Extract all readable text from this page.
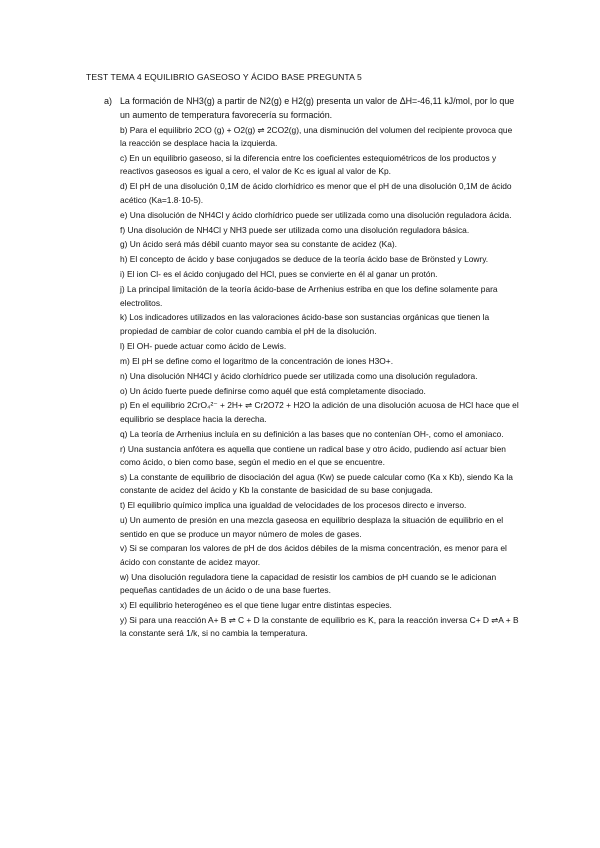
TEST TEMA 4 EQUILIBRIO GASEOSO Y ÁCIDO BASE PREGUNTA 5
a) La formación de NH3(g) a partir de N2(g) e H2(g) presenta un valor de ΔH=-46,11 kJ/mol, por lo que un aumento de temperatura favorecería su formación.
b) Para el equilibrio 2CO (g) + O2(g) ⇌ 2CO2(g), una disminución del volumen del recipiente provoca que la reacción se desplace hacia la izquierda.
c) En un equilibrio gaseoso, si la diferencia entre los coeficientes estequiométricos de los productos y reactivos gaseosos es igual a cero, el valor de Kc es igual al valor de Kp.
d) El pH de una disolución 0,1M de ácido clorhídrico es menor que el pH de una disolución 0,1M de ácido acético (Ka=1.8·10-5).
e) Una disolución de NH4Cl y ácido clorhídrico puede ser utilizada como una disolución reguladora ácida.
f) Una disolución de NH4Cl y NH3 puede ser utilizada como una disolución reguladora básica.
g) Un ácido será más débil cuanto mayor sea su constante de acidez (Ka).
h) El concepto de ácido y base conjugados se deduce de la teoría ácido base de Brönsted y Lowry.
i) El ion Cl- es el ácido conjugado del HCl, pues se convierte en él al ganar un protón.
j) La principal limitación de la teoría ácido-base de Arrhenius estriba en que los define solamente para electrolitos.
k) Los indicadores utilizados en las valoraciones ácido-base son sustancias orgánicas que tienen la propiedad de cambiar de color cuando cambia el pH de la disolución.
l) El OH- puede actuar como ácido de Lewis.
m) El pH se define como el logaritmo de la concentración de iones H3O+.
n) Una disolución NH4Cl y ácido clorhídrico puede ser utilizada como una disolución reguladora.
o) Un ácido fuerte puede definirse como aquél que está completamente disociado.
p) En el equilibrio 2CrO₄²⁻ + 2H+ ⇌ Cr2O72 + H2O la adición de una disolución acuosa de HCl hace que el equilibrio se desplace hacia la derecha.
q) La teoría de Arrhenius incluía en su definición a las bases que no contenían OH-, como el amoniaco.
r) Una sustancia anfótera es aquella que contiene un radical base y otro ácido, pudiendo así actuar bien como ácido, o bien como base, según el medio en el que se encuentre.
s) La constante de equilibrio de disociación del agua (Kw) se puede calcular como (Ka x Kb), siendo Ka la constante de acidez del ácido y Kb la constante de basicidad de su base conjugada.
t) El equilibrio químico implica una igualdad de velocidades de los procesos directo e inverso.
u) Un aumento de presión en una mezcla gaseosa en equilibrio desplaza la situación de equilibrio en el sentido en que se produce un mayor número de moles de gases.
v) Si se comparan los valores de pH de dos ácidos débiles de la misma concentración, es menor para el ácido con constante de acidez mayor.
w) Una disolución reguladora tiene la capacidad de resistir los cambios de pH cuando se le adicionan pequeñas cantidades de un ácido o de una base fuertes.
x) El equilibrio heterogéneo es el que tiene lugar entre distintas especies.
y) Si para una reacción A+ B ⇌ C + D la constante de equilibrio es K, para la reacción inversa C+ D ⇌A + B la constante será 1/k, si no cambia la temperatura.
